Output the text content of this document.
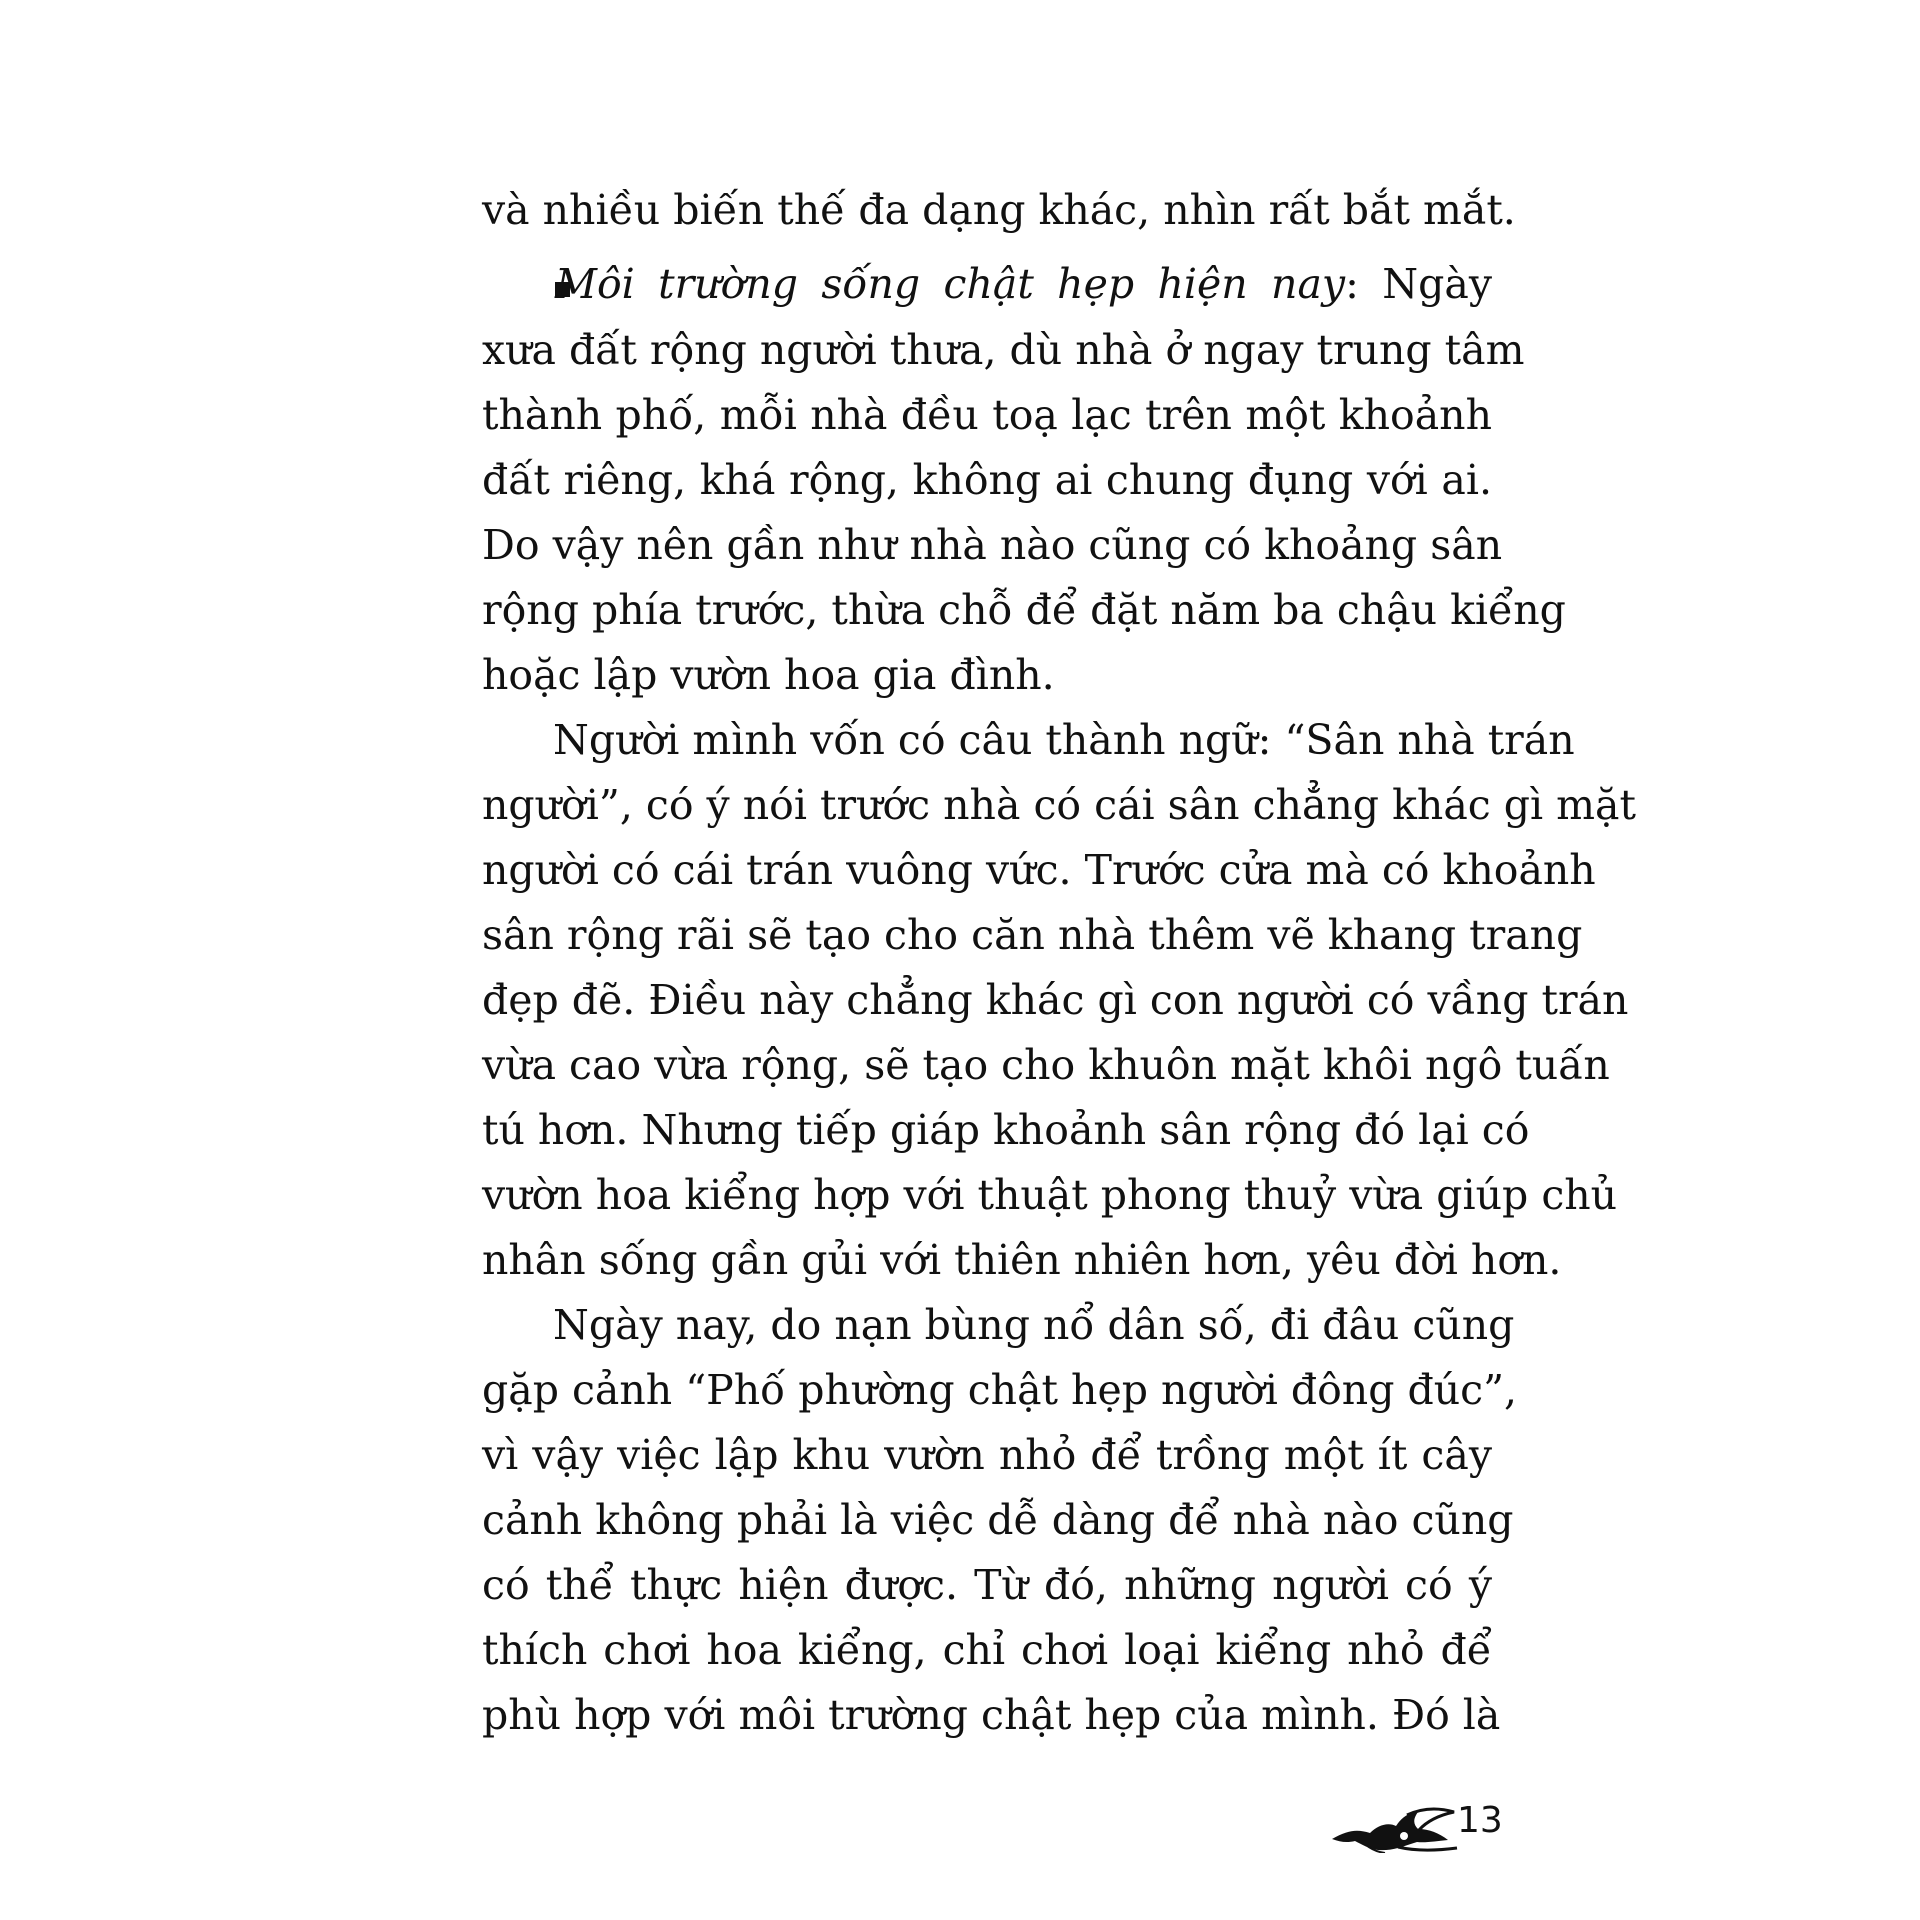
và nhiều biến thế đa dạng khác, nhìn rất bắt mắt.
Môi trường sống chật hẹp hiện nay: Ngày
xưa đất rộng người thưa, dù nhà ở ngay trung tâm
thành phố, mỗi nhà đều toạ lạc trên một khoảnh
đất riêng, khá rộng, không ai chung đụng với ai.
Do vậy nên gần như nhà nào cũng có khoảng sân
rộng phía trước, thừa chỗ để đặt năm ba chậu kiểng
hoặc lập vườn hoa gia đình.
Người mình vốn có câu thành ngữ: “Sân nhà trán
người”, có ý nói trước nhà có cái sân chẳng khác gì mặt
người có cái trán vuông vức. Trước cửa mà có khoảnh
sân rộng rãi sẽ tạo cho căn nhà thêm vẽ khang trang
đẹp đẽ. Điều này chẳng khác gì con người có vầng trán
vừa cao vừa rộng, sẽ tạo cho khuôn mặt khôi ngô tuấn
tú hơn. Nhưng tiếp giáp khoảnh sân rộng đó lại có
vườn hoa kiểng hợp với thuật phong thuỷ vừa giúp chủ
nhân sống gần gủi với thiên nhiên hơn, yêu đời hơn.
Ngày nay, do nạn bùng nổ dân số, đi đâu cũng
gặp cảnh “Phố phường chật hẹp người đông đúc”,
vì vậy việc lập khu vườn nhỏ để trồng một ít cây
cảnh không phải là việc dễ dàng để nhà nào cũng
có thể thực hiện được. Từ đó, những người có ý
thích chơi hoa kiểng, chỉ chơi loại kiểng nhỏ để
phù hợp với môi trường chật hẹp của mình. Đó là
13
